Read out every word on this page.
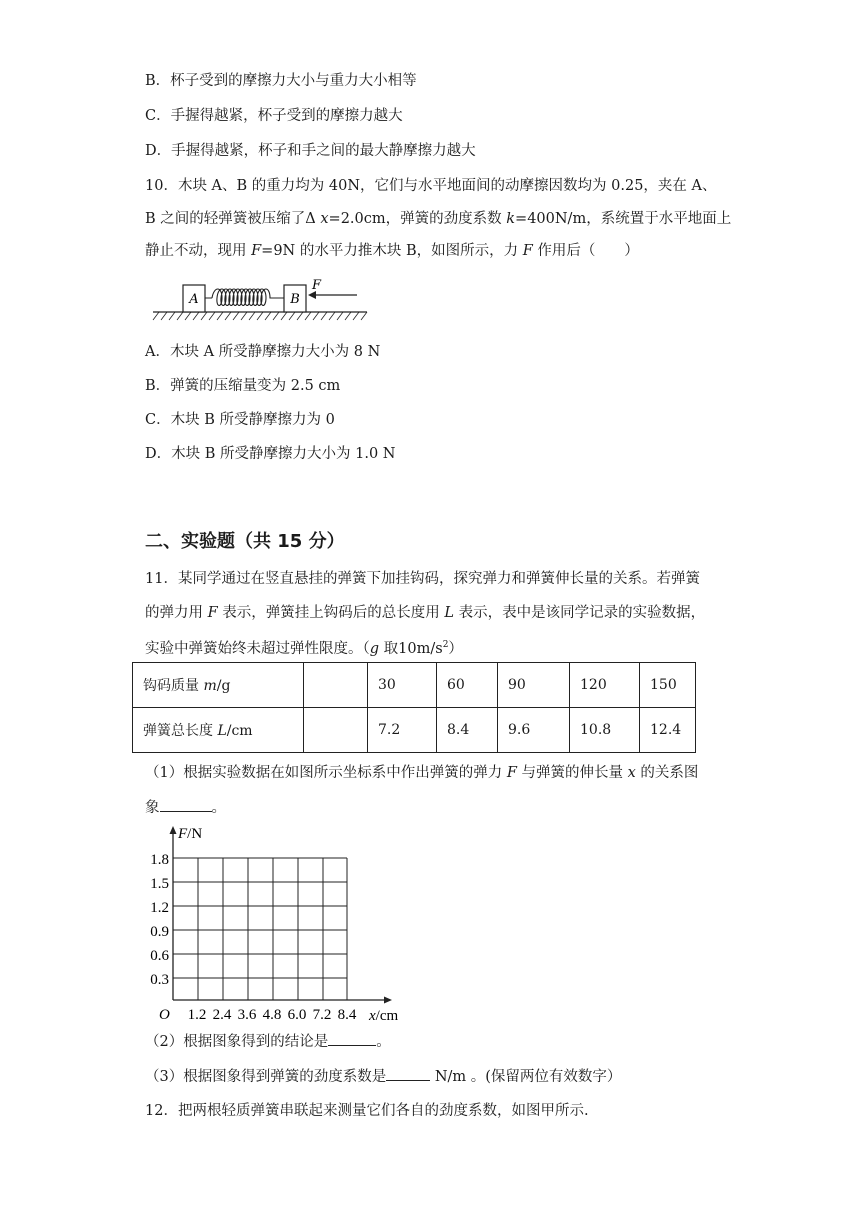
B．杯子受到的摩擦力大小与重力大小相等
C．手握得越紧，杯子受到的摩擦力越大
D．手握得越紧，杯子和手之间的最大静摩擦力越大
10．木块 A、B 的重力均为 40N，它们与水平地面间的动摩擦因数均为 0.25，夹在 A、
B 之间的轻弹簧被压缩了Δ x=2.0cm，弹簧的劲度系数 k=400N/m，系统置于水平地面上
静止不动，现用 F=9N 的水平力推木块 B，如图所示，力 F 作用后（　　）
A	B
F
A．木块 A 所受静摩擦力大小为 8 N
B．弹簧的压缩量变为 2.5 cm
C．木块 B 所受静摩擦力为 0
D．木块 B 所受静摩擦力大小为 1.0 N
二、实验题（共 15 分）
11．某同学通过在竖直悬挂的弹簧下加挂钩码，探究弹力和弹簧伸长量的关系。若弹簧
的弹力用 F 表示，弹簧挂上钩码后的总长度用 L 表示，表中是该同学记录的实验数据，
实验中弹簧始终未超过弹性限度。（g 取$10m/s^2$）
钩码质量 m/g		30	60	90	120	150
弹簧总长度 L/cm		7.2	8.4	9.6	10.8	12.4
（1）根据实验数据在如图所示坐标系中作出弹簧的弹力 F 与弹簧的伸长量 x 的关系图
象	。
F/N
1.8
1.5
1.2
0.9
0.6
0.3
O 1.2 2.4 3.6 4.8 6.0 7.2 8.4 x/cm
（2）根据图象得到的结论是	。
（3）根据图象得到弹簧的劲度系数是	N/m 。(保留两位有效数字）
12．把两根轻质弹簧串联起来测量它们各自的劲度系数，如图甲所示.
